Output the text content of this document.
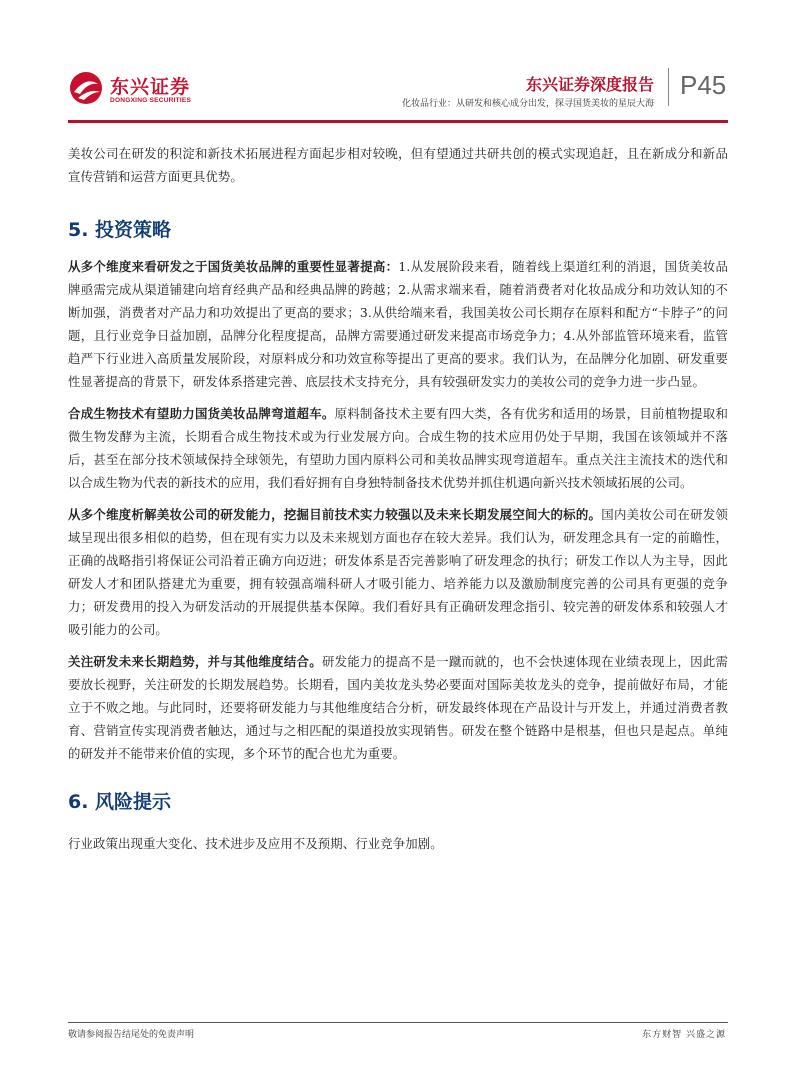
东兴证券
DONGXING SECURITIES
东兴证券深度报告
化妆品行业：从研发和核心成分出发，探寻国货美妆的星辰大海
P45

美妆公司在研发的积淀和新技术拓展进程方面起步相对较晚，但有望通过共研共创的模式实现追赶，且在新成分和新品宣传营销和运营方面更具优势。

5. 投资策略

从多个维度来看研发之于国货美妆品牌的重要性显著提高：1.从发展阶段来看，随着线上渠道红利的消退，国货美妆品牌亟需完成从渠道铺建向培育经典产品和经典品牌的跨越；2.从需求端来看，随着消费者对化妆品成分和功效认知的不断加强，消费者对产品力和功效提出了更高的要求；3.从供给端来看，我国美妆公司长期存在原料和配方“卡脖子”的问题，且行业竞争日益加剧，品牌分化程度提高，品牌方需要通过研发来提高市场竞争力；4.从外部监管环境来看，监管趋严下行业进入高质量发展阶段，对原料成分和功效宣称等提出了更高的要求。我们认为，在品牌分化加剧、研发重要性显著提高的背景下，研发体系搭建完善、底层技术支持充分，具有较强研发实力的美妆公司的竞争力进一步凸显。

合成生物技术有望助力国货美妆品牌弯道超车。原料制备技术主要有四大类，各有优劣和适用的场景，目前植物提取和微生物发酵为主流，长期看合成生物技术或为行业发展方向。合成生物的技术应用仍处于早期，我国在该领域并不落后，甚至在部分技术领域保持全球领先，有望助力国内原料公司和美妆品牌实现弯道超车。重点关注主流技术的迭代和以合成生物为代表的新技术的应用，我们看好拥有自身独特制备技术优势并抓住机遇向新兴技术领域拓展的公司。

从多个维度析解美妆公司的研发能力，挖掘目前技术实力较强以及未来长期发展空间大的标的。国内美妆公司在研发领域呈现出很多相似的趋势，但在现有实力以及未来规划方面也存在较大差异。我们认为，研发理念具有一定的前瞻性，正确的战略指引将保证公司沿着正确方向迈进；研发体系是否完善影响了研发理念的执行；研发工作以人为主导，因此研发人才和团队搭建尤为重要，拥有较强高端科研人才吸引能力、培养能力以及激励制度完善的公司具有更强的竞争力；研发费用的投入为研发活动的开展提供基本保障。我们看好具有正确研发理念指引、较完善的研发体系和较强人才吸引能力的公司。

关注研发未来长期趋势，并与其他维度结合。研发能力的提高不是一蹴而就的，也不会快速体现在业绩表现上，因此需要放长视野，关注研发的长期发展趋势。长期看，国内美妆龙头势必要面对国际美妆龙头的竞争，提前做好布局，才能立于不败之地。与此同时，还要将研发能力与其他维度结合分析，研发最终体现在产品设计与开发上，并通过消费者教育、营销宣传实现消费者触达，通过与之相匹配的渠道投放实现销售。研发在整个链路中是根基，但也只是起点。单纯的研发并不能带来价值的实现，多个环节的配合也尤为重要。

6. 风险提示

行业政策出现重大变化、技术进步及应用不及预期、行业竞争加剧。

敬请参阅报告结尾处的免责声明	东方财智 兴盛之源
